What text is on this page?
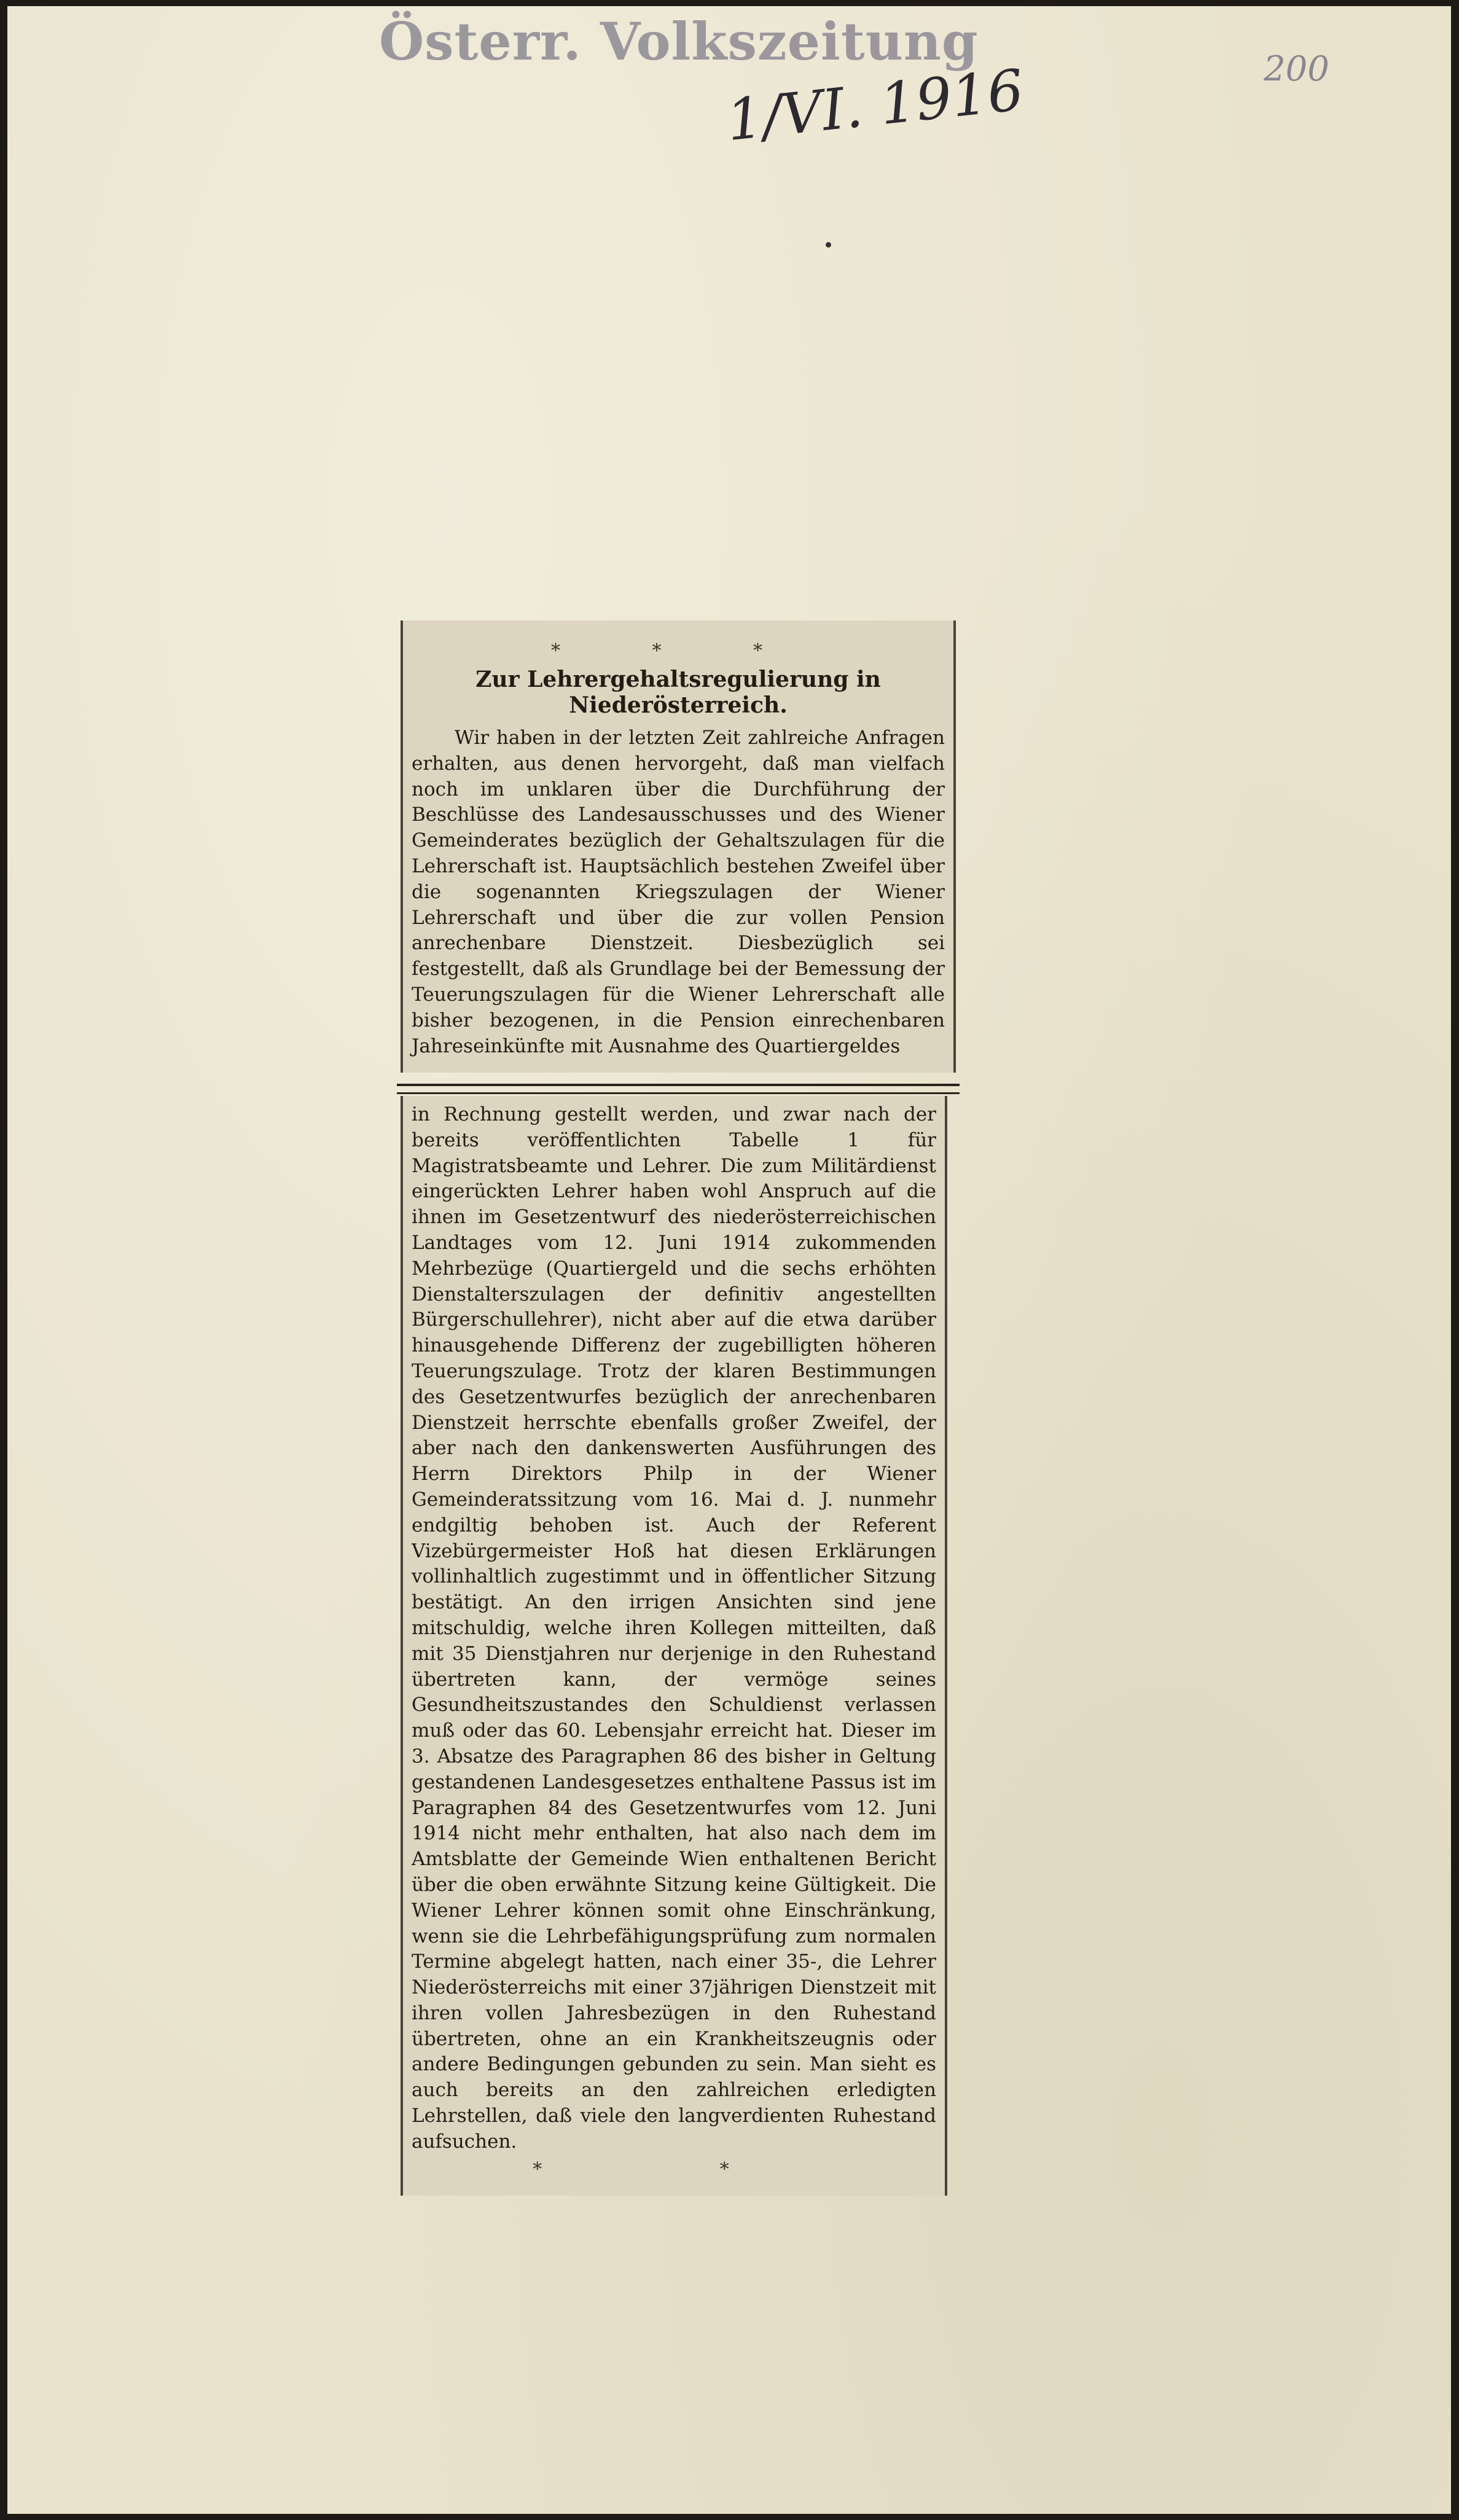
Österr. Volkszeitung
1/VI. 1916	200
* * *
Zur Lehrergehaltsregulierung in Niederösterreich.

Wir haben in der letzten Zeit zahlreiche Anfragen erhalten, aus denen hervorgeht, daß man vielfach noch im unklaren über die Durchführung der Beschlüsse des Landesausschusses und des Wiener Gemeinderates bezüglich der Gehaltszulagen für die Lehrerschaft ist. Hauptsächlich bestehen Zweifel über die sogenannten Kriegszulagen der Wiener Lehrerschaft und über die zur vollen Pension anrechenbare Dienstzeit. Diesbezüglich sei festgestellt, daß als Grundlage bei der Bemessung der Teuerungszulagen für die Wiener Lehrerschaft alle bisher bezogenen, in die Pension einrechenbaren Jahreseinkünfte mit Ausnahme des Quartiergeldes

in Rechnung gestellt werden, und zwar nach der bereits veröffentlichten Tabelle 1 für Magistratsbeamte und Lehrer. Die zum Militärdienst eingerückten Lehrer haben wohl Anspruch auf die ihnen im Gesetzentwurf des niederösterreichischen Landtages vom 12. Juni 1914 zukommenden Mehrbezüge (Quartiergeld und die sechs erhöhten Dienstalterszulagen der definitiv angestellten Bürgerschullehrer), nicht aber auf die etwa darüber hinausgehende Differenz der zugebilligten höheren Teuerungszulage. Trotz der klaren Bestimmungen des Gesetzentwurfes bezüglich der anrechenbaren Dienstzeit herrschte ebenfalls großer Zweifel, der aber nach den dankenswerten Ausführungen des Herrn Direktors Philp in der Wiener Gemeinderatssitzung vom 16. Mai d. J. nunmehr endgiltig behoben ist. Auch der Referent Vizebürgermeister Hoß hat diesen Erklärungen vollinhaltlich zugestimmt und in öffentlicher Sitzung bestätigt. An den irrigen Ansichten sind jene mitschuldig, welche ihren Kollegen mitteilten, daß mit 35 Dienstjahren nur derjenige in den Ruhestand übertreten kann, der vermöge seines Gesundheitszustandes den Schuldienst verlassen muß oder das 60. Lebensjahr erreicht hat. Dieser im 3. Absatze des Paragraphen 86 des bisher in Geltung gestandenen Landesgesetzes enthaltene Passus ist im Paragraphen 84 des Gesetzentwurfes vom 12. Juni 1914 nicht mehr enthalten, hat also nach dem im Amtsblatte der Gemeinde Wien enthaltenen Bericht über die oben erwähnte Sitzung keine Gültigkeit. Die Wiener Lehrer können somit ohne Einschränkung, wenn sie die Lehrbefähigungsprüfung zum normalen Termine abgelegt hatten, nach einer 35-, die Lehrer Niederösterreichs mit einer 37jährigen Dienstzeit mit ihren vollen Jahresbezügen in den Ruhestand übertreten, ohne an ein Krankheitszeugnis oder andere Bedingungen gebunden zu sein. Man sieht es auch bereits an den zahlreichen erledigten Lehrstellen, daß viele den langverdienten Ruhestand aufsuchen.

* *
